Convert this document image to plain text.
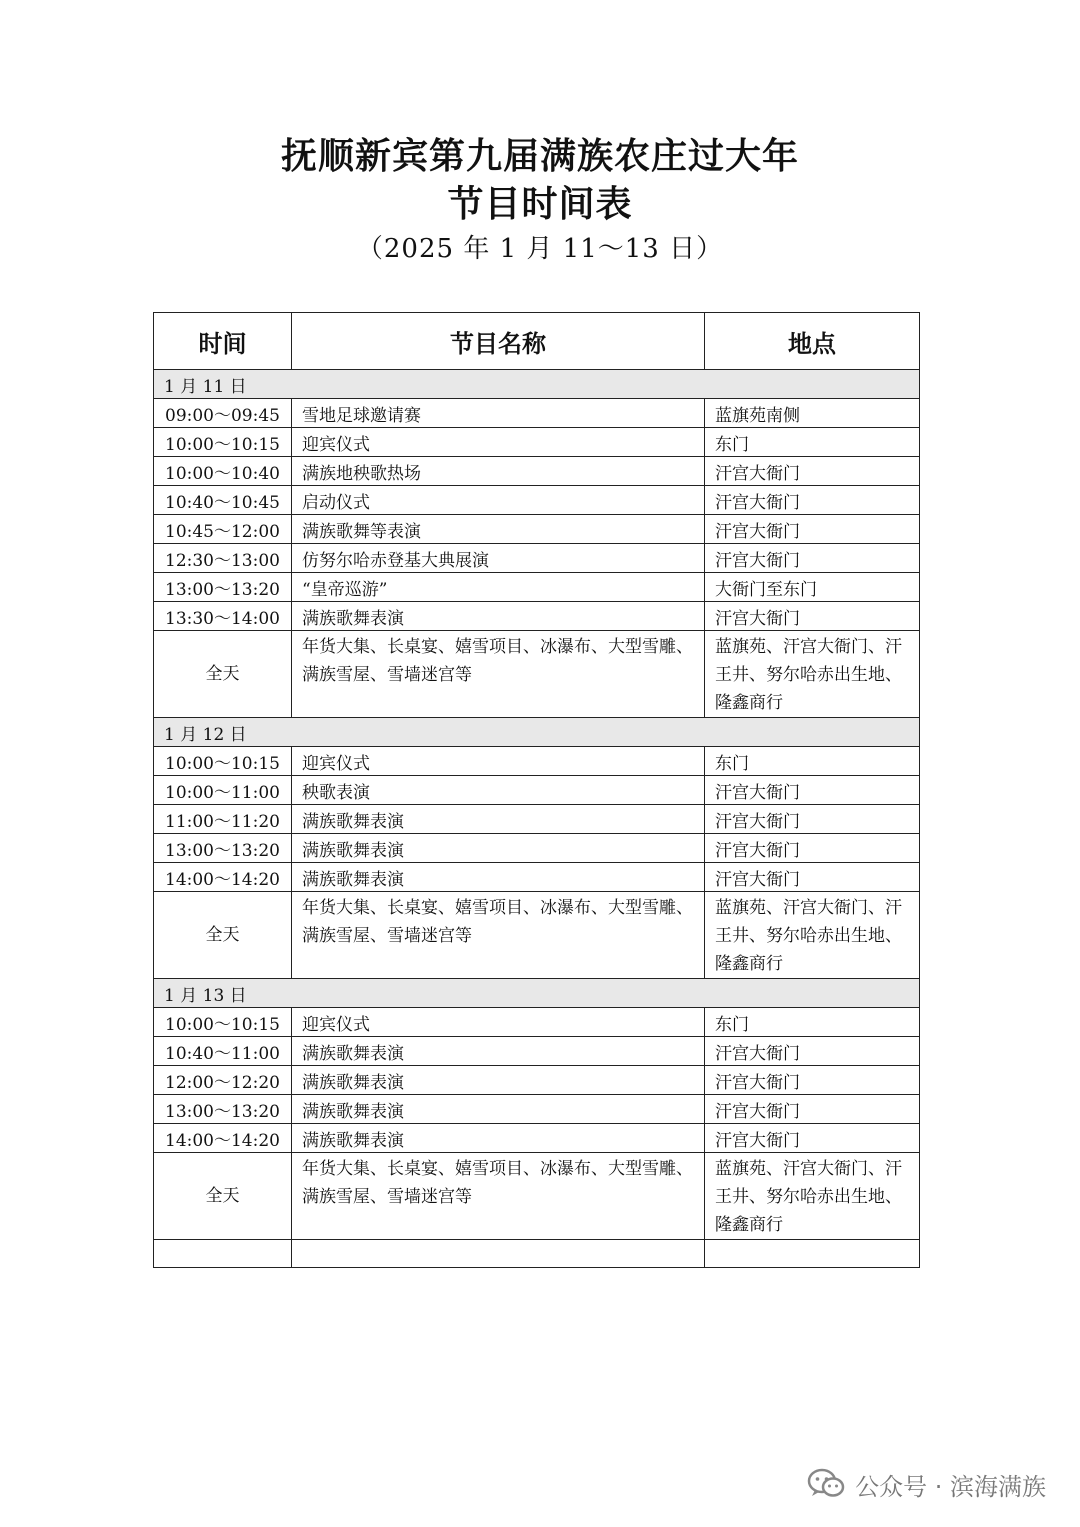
抚顺新宾第九届满族农庄过大年
节目时间表
（2025 年 1 月 11～13 日）
时间	节目名称	地点
1 月 11 日		
09:00～09:45	雪地足球邀请赛	蓝旗苑南侧
10:00～10:15	迎宾仪式	东门
10:00～10:40	满族地秧歌热场	汗宫大衙门
10:40～10:45	启动仪式	汗宫大衙门
10:45～12:00	满族歌舞等表演	汗宫大衙门
12:30～13:00	仿努尔哈赤登基大典展演	汗宫大衙门
13:00～13:20	“皇帝巡游”	大衙门至东门
13:30～14:00	满族歌舞表演	汗宫大衙门
全天	年货大集、长桌宴、嬉雪项目、冰瀑布、大型雪雕、满族雪屋、雪墙迷宫等	蓝旗苑、汗宫大衙门、汗王井、努尔哈赤出生地、隆鑫商行
1 月 12 日		
10:00～10:15	迎宾仪式	东门
10:00～11:00	秧歌表演	汗宫大衙门
11:00～11:20	满族歌舞表演	汗宫大衙门
13:00～13:20	满族歌舞表演	汗宫大衙门
14:00～14:20	满族歌舞表演	汗宫大衙门
全天	年货大集、长桌宴、嬉雪项目、冰瀑布、大型雪雕、满族雪屋、雪墙迷宫等	蓝旗苑、汗宫大衙门、汗王井、努尔哈赤出生地、隆鑫商行
1 月 13 日		
10:00～10:15	迎宾仪式	东门
10:40～11:00	满族歌舞表演	汗宫大衙门
12:00～12:20	满族歌舞表演	汗宫大衙门
13:00～13:20	满族歌舞表演	汗宫大衙门
14:00～14:20	满族歌舞表演	汗宫大衙门
全天	年货大集、长桌宴、嬉雪项目、冰瀑布、大型雪雕、满族雪屋、雪墙迷宫等	蓝旗苑、汗宫大衙门、汗王井、努尔哈赤出生地、隆鑫商行

公众号 · 滨海满族
